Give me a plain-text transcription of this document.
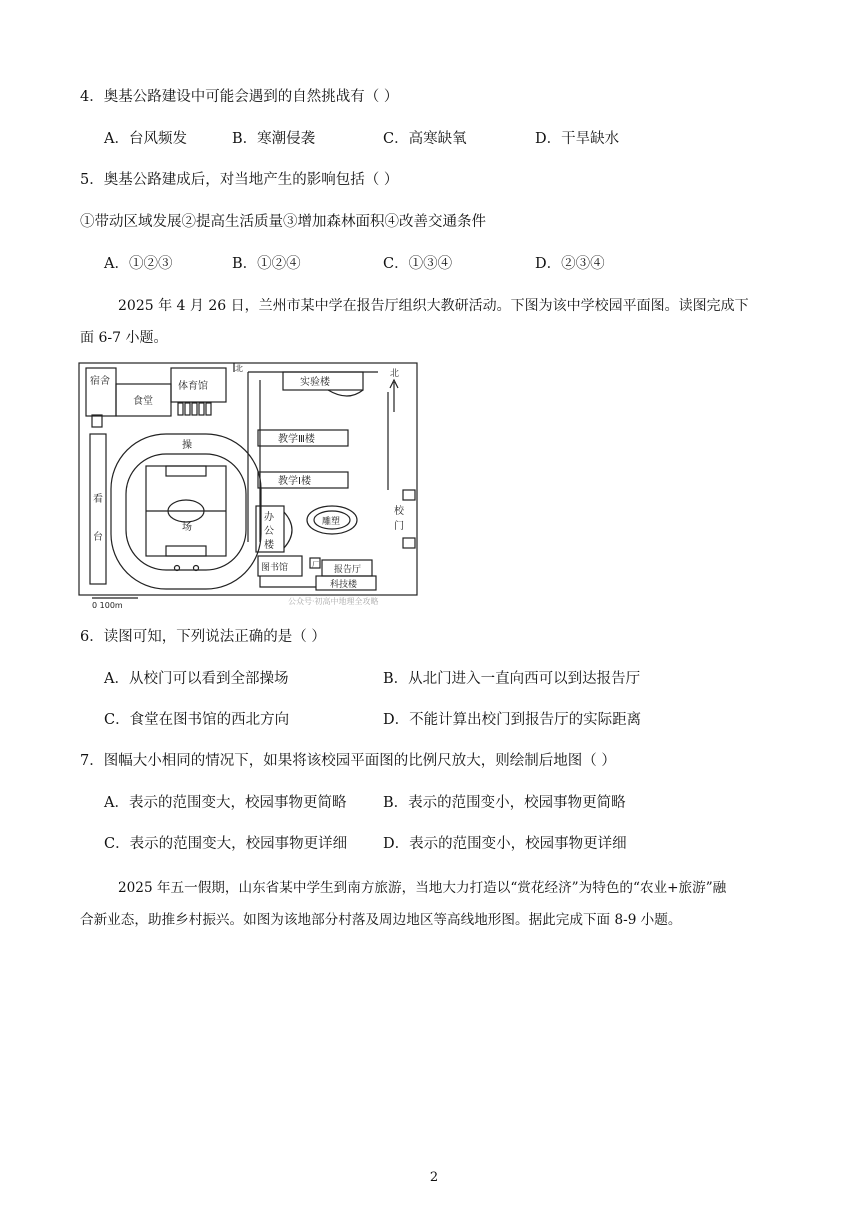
4．奥基公路建设中可能会遇到的自然挑战有（ ）
A．台风频发	B．寒潮侵袭	C．高寒缺氧	D．干旱缺水
5．奥基公路建成后，对当地产生的影响包括（ ）
①带动区域发展②提高生活质量③增加森林面积④改善交通条件
A．①②③	B．①②④	C．①③④	D．②③④
2025 年 4 月 26 日，兰州市某中学在报告厅组织大教研活动。下图为该中学校园平面图。读图完成下
面 6-7 小题。
宿舍
食堂
体育馆
北
实验楼
北
教学Ⅲ楼
教学Ⅰ楼
看
台
操
场
办
公
楼
雕塑
校
门
图书馆	报告厅
科技楼
厂
0 100m	公众号·初高中地理全攻略
6．读图可知，下列说法正确的是（ ）
A．从校门可以看到全部操场	B．从北门进入一直向西可以到达报告厅
C．食堂在图书馆的西北方向	D．不能计算出校门到报告厅的实际距离
7．图幅大小相同的情况下，如果将该校园平面图的比例尺放大，则绘制后地图（ ）
A．表示的范围变大，校园事物更简略	B．表示的范围变小，校园事物更简略
C．表示的范围变大，校园事物更详细 D．表示的范围变小，校园事物更详细
2025 年五一假期，山东省某中学生到南方旅游，当地大力打造以“赏花经济”为特色的“农业+旅游”融
合新业态，助推乡村振兴。如图为该地部分村落及周边地区等高线地形图。据此完成下面 8-9 小题。
2
